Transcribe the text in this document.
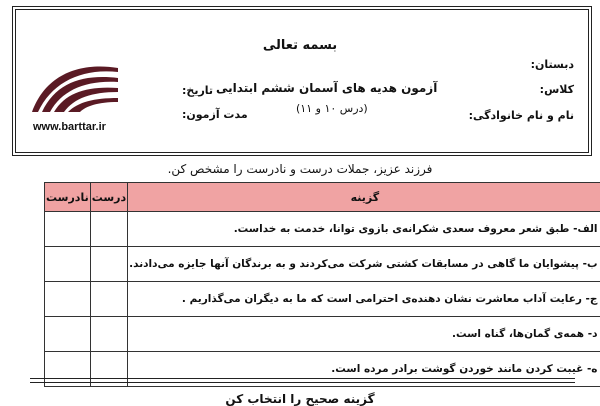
بسمه تعالی
دبستان:
کلاس:
نام و نام خانوادگی:
آزمون هدیه های آسمان ششم ابتدایی
(درس ۱۰ و ۱۱)
تاریخ:
مدت آزمون:
www.barttar.ir
فرزند عزیز، جملات درست و نادرست را مشخص کن.
گزینه	درست	نادرست
الف- طبق شعر معروف سعدی شکرانه‌ی بازوی توانا، خدمت به خداست.		
ب- پیشوایان ما گاهی در مسابقات کشتی شرکت می‌کردند و به برندگان آنها جایزه می‌دادند.		
ج- رعایت آداب معاشرت نشان دهنده‌ی احترامی است که ما به دیگران می‌گذاریم .		
د- همه‌ی گمان‌ها، گناه است.		
ه- غیبت کردن مانند خوردن گوشت برادر مرده است.		
گزینه صحیح را انتخاب کن
